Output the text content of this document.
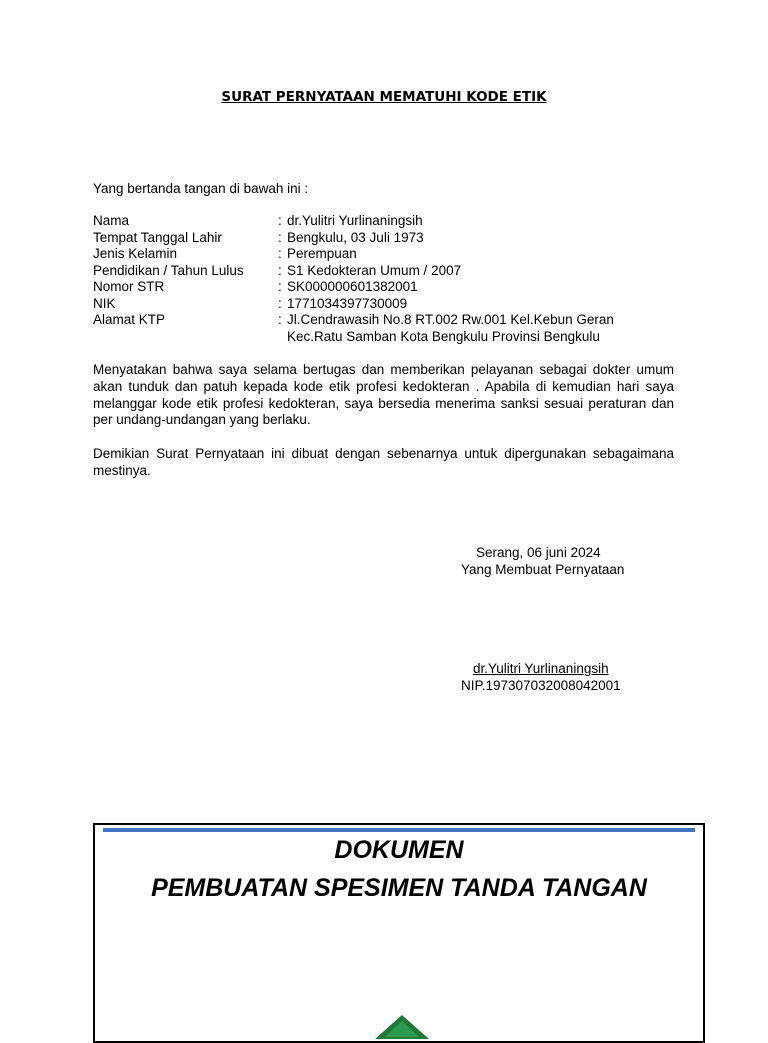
SURAT PERNYATAAN MEMATUHI KODE ETIK
Yang bertanda tangan di bawah ini :
Nama	: dr.Yulitri Yurlinaningsih
Tempat Tanggal Lahir	: Bengkulu, 03 Juli 1973
Jenis Kelamin	: Perempuan
Pendidikan / Tahun Lulus	: S1 Kedokteran Umum / 2007
Nomor STR	: SK000000601382001
NIK	: 1771034397730009
Alamat KTP	: Jl.Cendrawasih No.8 RT.002 Rw.001 Kel.Kebun Geran
Kec.Ratu Samban Kota Bengkulu Provinsi Bengkulu
Menyatakan bahwa saya selama bertugas dan memberikan pelayanan sebagai dokter umum akan tunduk dan patuh kepada kode etik profesi kedokteran . Apabila di kemudian hari saya melanggar kode etik profesi kedokteran, saya bersedia menerima sanksi sesuai peraturan dan per undang-undangan yang berlaku.
Demikian Surat Pernyataan ini dibuat dengan sebenarnya untuk dipergunakan sebagaimana mestinya.
Serang, 06 juni 2024
Yang Membuat Pernyataan
dr.Yulitri Yurlinaningsih
NIP.197307032008042001
DOKUMEN
PEMBUATAN SPESIMEN TANDA TANGAN
